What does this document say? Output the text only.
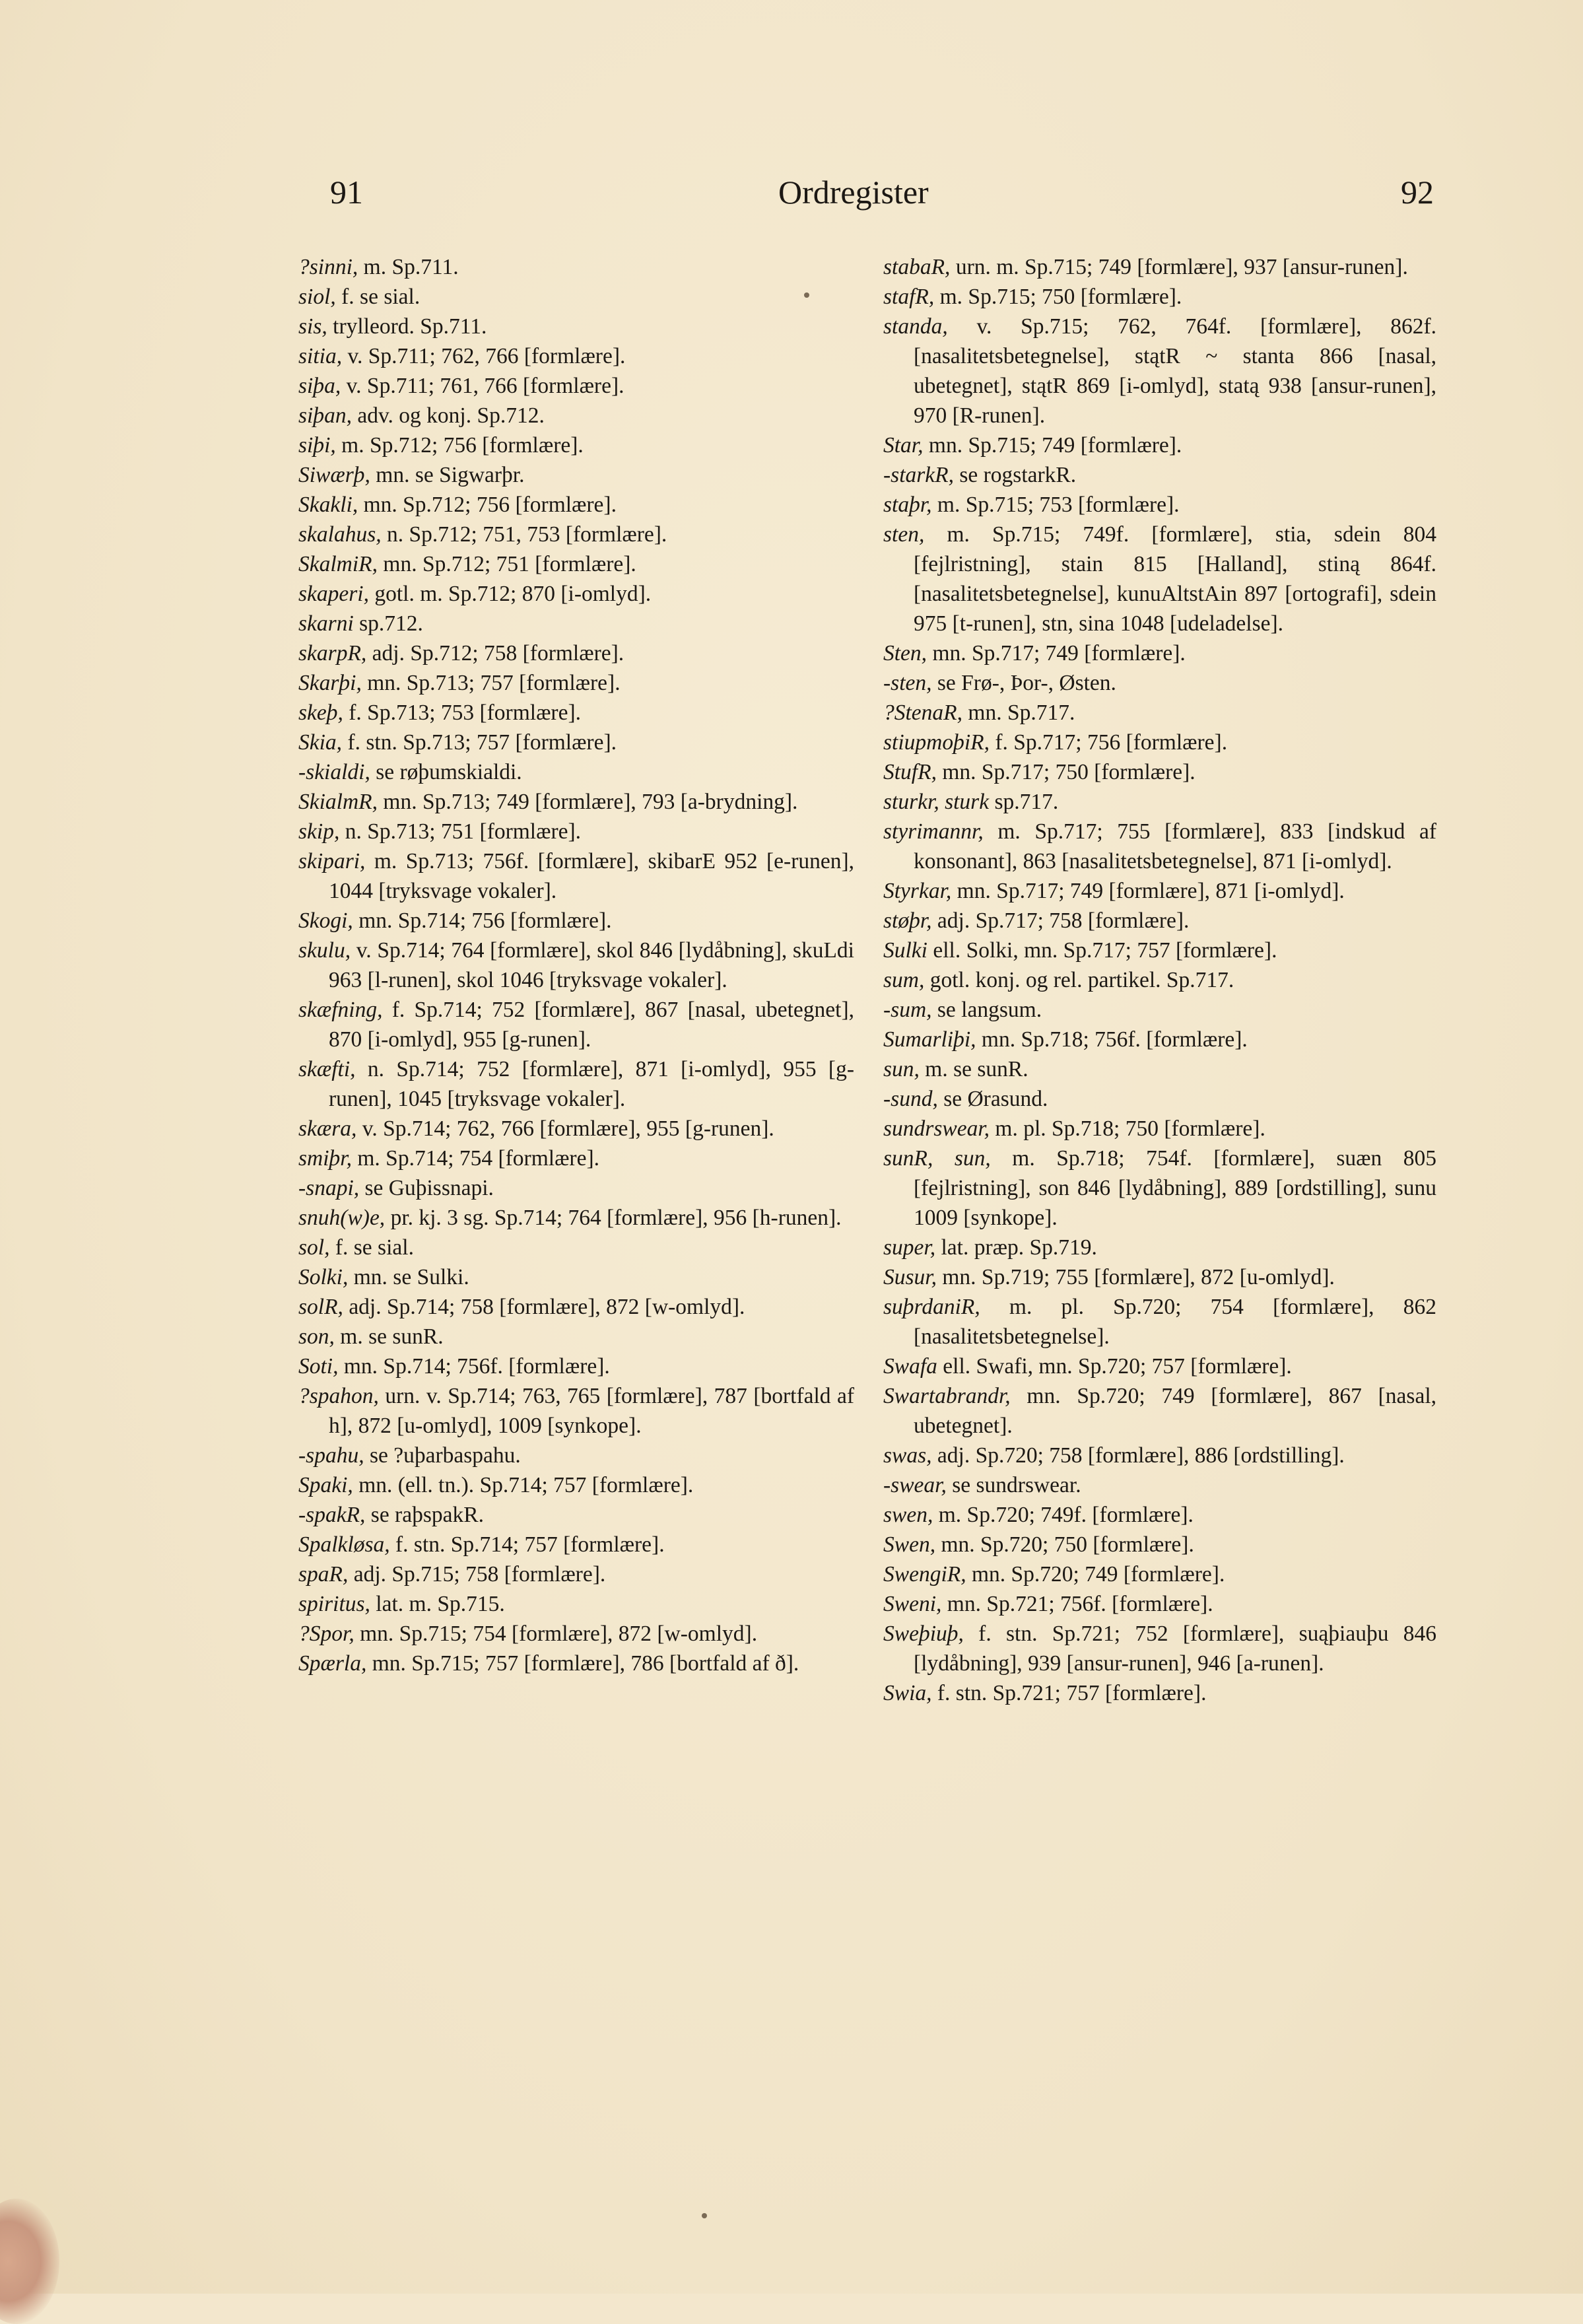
91	Ordregister	92

?sinni, m. Sp.711.

siol, f. se sial.

sis, trylleord. Sp.711.

sitia, v. Sp.711; 762, 766 [formlære].

siþa, v. Sp.711; 761, 766 [formlære].

siþan, adv. og konj. Sp.712.

siþi, m. Sp.712; 756 [formlære].

Siwærþ, mn. se Sigwarþr.

Skakli, mn. Sp.712; 756 [formlære].

skalahus, n. Sp.712; 751, 753 [formlære].

SkalmiR, mn. Sp.712; 751 [formlære].

skaperi, gotl. m. Sp.712; 870 [i-omlyd].

skarni sp.712.

skarpR, adj. Sp.712; 758 [formlære].

Skarþi, mn. Sp.713; 757 [formlære].

skeþ, f. Sp.713; 753 [formlære].

Skia, f. stn. Sp.713; 757 [formlære].

-skialdi, se røþumskialdi.

SkialmR, mn. Sp.713; 749 [formlære], 793 [a-brydning].

skip, n. Sp.713; 751 [formlære].

skipari, m. Sp.713; 756f. [formlære], skibarE 952 [e-runen], 1044 [tryksvage vokaler].

Skogi, mn. Sp.714; 756 [formlære].

skulu, v. Sp.714; 764 [formlære], skol 846 [lydåbning], skuLdi 963 [l-runen], skol 1046 [tryksvage vokaler].

skæfning, f. Sp.714; 752 [formlære], 867 [nasal, ubetegnet], 870 [i-omlyd], 955 [g-runen].

skæfti, n. Sp.714; 752 [formlære], 871 [i-omlyd], 955 [g-runen], 1045 [tryksvage vokaler].

skæra, v. Sp.714; 762, 766 [formlære], 955 [g-runen].

smiþr, m. Sp.714; 754 [formlære].

-snapi, se Guþissnapi.

snuh(w)e, pr. kj. 3 sg. Sp.714; 764 [formlære], 956 [h-runen].

sol, f. se sial.

Solki, mn. se Sulki.

solR, adj. Sp.714; 758 [formlære], 872 [w-omlyd].

son, m. se sunR.

Soti, mn. Sp.714; 756f. [formlære].

?spahon, urn. v. Sp.714; 763, 765 [formlære], 787 [bortfald af h], 872 [u-omlyd], 1009 [synkope].

-spahu, se ?uþarbaspahu.

Spaki, mn. (ell. tn.). Sp.714; 757 [formlære].

-spakR, se raþspakR.

Spalkløsa, f. stn. Sp.714; 757 [formlære].

spaR, adj. Sp.715; 758 [formlære].

spiritus, lat. m. Sp.715.

?Spor, mn. Sp.715; 754 [formlære], 872 [w-omlyd].

Spærla, mn. Sp.715; 757 [formlære], 786 [bortfald af ð].

stabaR, urn. m. Sp.715; 749 [formlære], 937 [ansur-runen].

stafR, m. Sp.715; 750 [formlære].

standa, v. Sp.715; 762, 764f. [formlære], 862f. [nasalitetsbetegnelse], stątR ~ stanta 866 [nasal, ubetegnet], stątR 869 [i-omlyd], statą 938 [ansur-runen], 970 [R-runen].

Star, mn. Sp.715; 749 [formlære].

-starkR, se rogstarkR.

staþr, m. Sp.715; 753 [formlære].

sten, m. Sp.715; 749f. [formlære], stia, sdein 804 [fejlristning], stain 815 [Halland], stiną 864f. [nasalitetsbetegnelse], kunuAltstAin 897 [ortografi], sdein 975 [t-runen], stn, sina 1048 [udeladelse].

Sten, mn. Sp.717; 749 [formlære].

-sten, se Frø-, Þor-, Østen.

?StenaR, mn. Sp.717.

stiupmoþiR, f. Sp.717; 756 [formlære].

StufR, mn. Sp.717; 750 [formlære].

sturkr, sturk sp.717.

styrimannr, m. Sp.717; 755 [formlære], 833 [indskud af konsonant], 863 [nasalitetsbetegnelse], 871 [i-omlyd].

Styrkar, mn. Sp.717; 749 [formlære], 871 [i-omlyd].

støþr, adj. Sp.717; 758 [formlære].

Sulki ell. Solki, mn. Sp.717; 757 [formlære].

sum, gotl. konj. og rel. partikel. Sp.717.

-sum, se langsum.

Sumarliþi, mn. Sp.718; 756f. [formlære].

sun, m. se sunR.

-sund, se Ørasund.

sundrswear, m. pl. Sp.718; 750 [formlære].

sunR, sun, m. Sp.718; 754f. [formlære], suæn 805 [fejlristning], son 846 [lydåbning], 889 [ordstilling], sunu 1009 [synkope].

super, lat. præp. Sp.719.

Susur, mn. Sp.719; 755 [formlære], 872 [u-omlyd].

suþrdaniR, m. pl. Sp.720; 754 [formlære], 862 [nasalitetsbetegnelse].

Swafa ell. Swafi, mn. Sp.720; 757 [formlære].

Swartabrandr, mn. Sp.720; 749 [formlære], 867 [nasal, ubetegnet].

swas, adj. Sp.720; 758 [formlære], 886 [ordstilling].

-swear, se sundrswear.

swen, m. Sp.720; 749f. [formlære].

Swen, mn. Sp.720; 750 [formlære].

SwengiR, mn. Sp.720; 749 [formlære].

Sweni, mn. Sp.721; 756f. [formlære].

Sweþiuþ, f. stn. Sp.721; 752 [formlære], suąþiauþu 846 [lydåbning], 939 [ansur-runen], 946 [a-runen].

Swia, f. stn. Sp.721; 757 [formlære].
